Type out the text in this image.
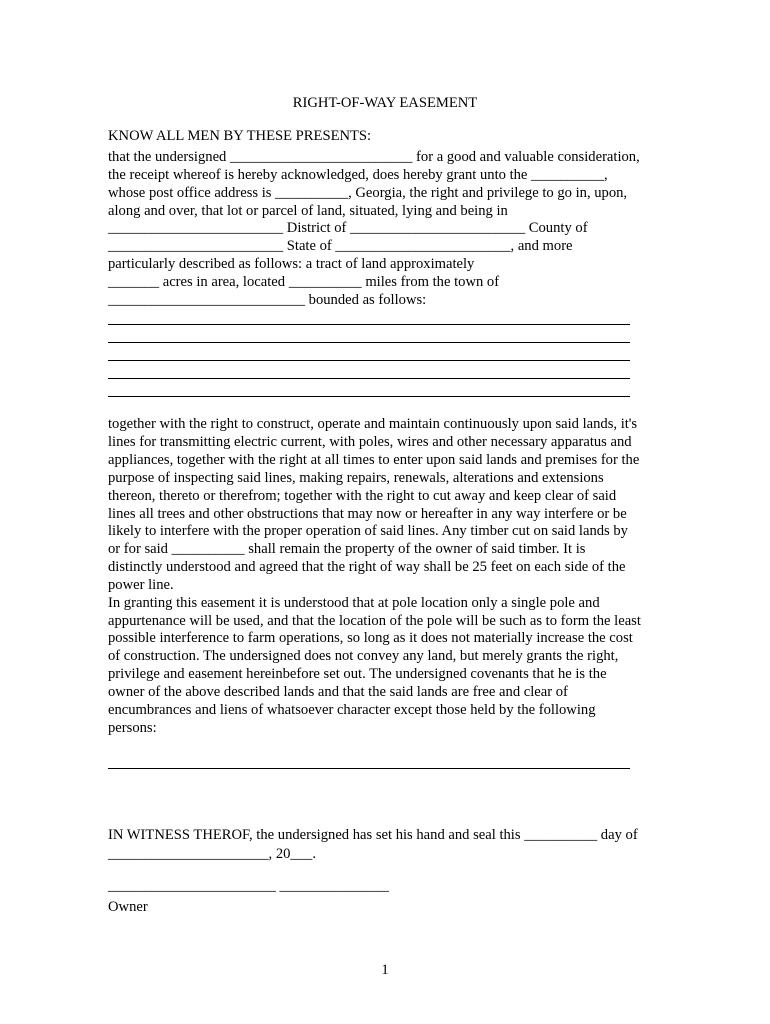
RIGHT-OF-WAY EASEMENT
KNOW ALL MEN BY THESE PRESENTS:
that the undersigned _________________________ for a good and valuable consideration,
the receipt whereof is hereby acknowledged, does hereby grant unto the __________,
whose post office address is __________, Georgia, the right and privilege to go in, upon,
along and over, that lot or parcel of land, situated, lying and being in
________________________ District of ________________________ County of
________________________ State of ________________________, and more
particularly described as follows: a tract of land approximately
_______ acres in area, located __________ miles from the town of
___________________________ bounded as follows:
together with the right to construct, operate and maintain continuously upon said lands, it's
lines for transmitting electric current, with poles, wires and other necessary apparatus and
appliances, together with the right at all times to enter upon said lands and premises for the
purpose of inspecting said lines, making repairs, renewals, alterations and extensions
thereon, thereto or therefrom; together with the right to cut away and keep clear of said
lines all trees and other obstructions that may now or hereafter in any way interfere or be
likely to interfere with the proper operation of said lines. Any timber cut on said lands by
or for said __________ shall remain the property of the owner of said timber. It is
distinctly understood and agreed that the right of way shall be 25 feet on each side of the
power line.
In granting this easement it is understood that at pole location only a single pole and
appurtenance will be used, and that the location of the pole will be such as to form the least
possible interference to farm operations, so long as it does not materially increase the cost
of construction. The undersigned does not convey any land, but merely grants the right,
privilege and easement hereinbefore set out. The undersigned covenants that he is the
owner of the above described lands and that the said lands are free and clear of
encumbrances and liens of whatsoever character except those held by the following
persons:
IN WITNESS THEROF, the undersigned has set his hand and seal this __________ day of
______________________, 20___.
_______________________ _______________
Owner
1
